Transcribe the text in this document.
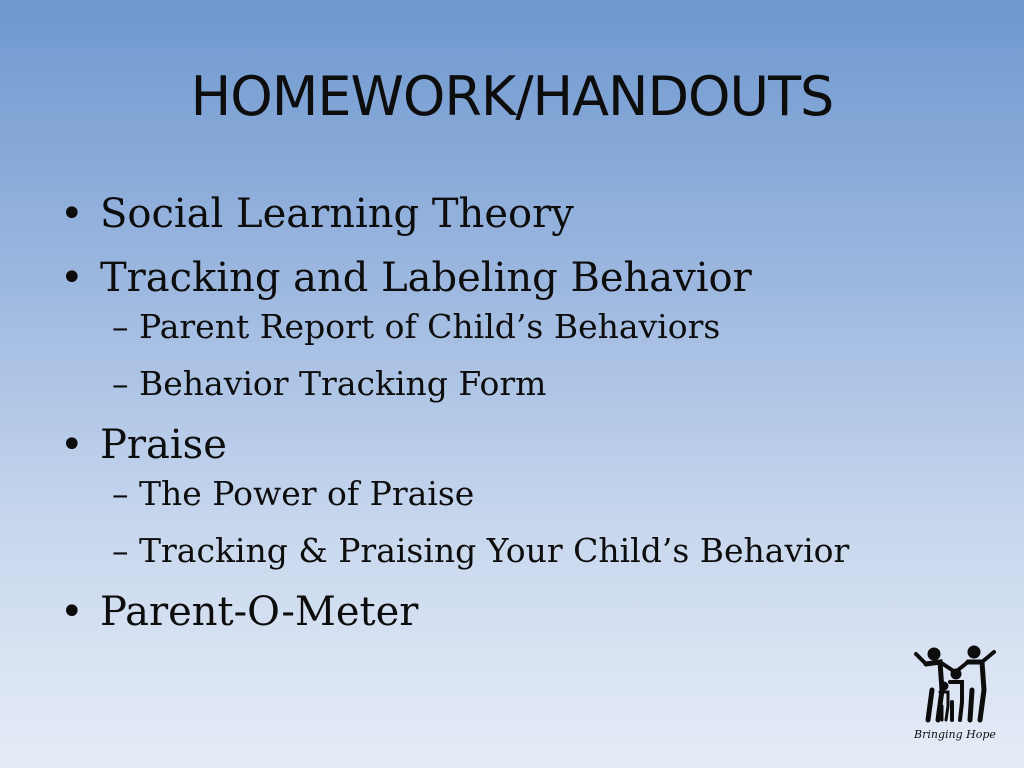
HOMEWORK/HANDOUTS
• Social Learning Theory
• Tracking and Labeling Behavior
– Parent Report of Child’s Behaviors
– Behavior Tracking Form
• Praise
– The Power of Praise
– Tracking & Praising Your Child’s Behavior
• Parent-O-Meter
Bringing Hope
